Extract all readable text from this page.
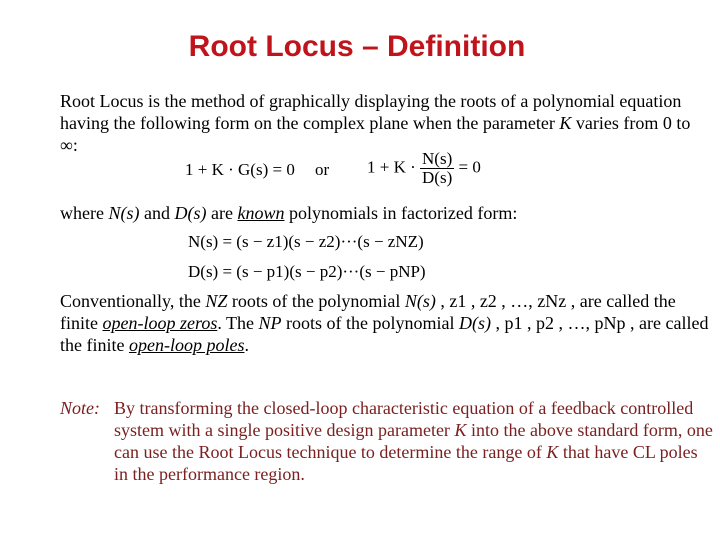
Root Locus – Definition
Root Locus is the method of graphically displaying the roots of a polynomial equation having the following form on the complex plane when the parameter K varies from 0 to ∞:
1 + K · G(s) = 0 or $1 + K \cdot \frac{N(s)}{D(s)} = 0$
where N(s) and D(s) are known polynomials in factorized form:
N(s) = (s − z1)(s − z2)···(s − zNZ)
D(s) = (s − p1)(s − p2)···(s − pNP)
Conventionally, the NZ roots of the polynomial N(s) , z1 , z2 , …, zNz , are called the finite open-loop zeros. The NP roots of the polynomial D(s) , p1 , p2 , …, pNp , are called the finite open-loop poles.
Note: By transforming the closed-loop characteristic equation of a feedback controlled system with a single positive design parameter K into the above standard form, one can use the Root Locus technique to determine the range of K that have CL poles in the performance region.
